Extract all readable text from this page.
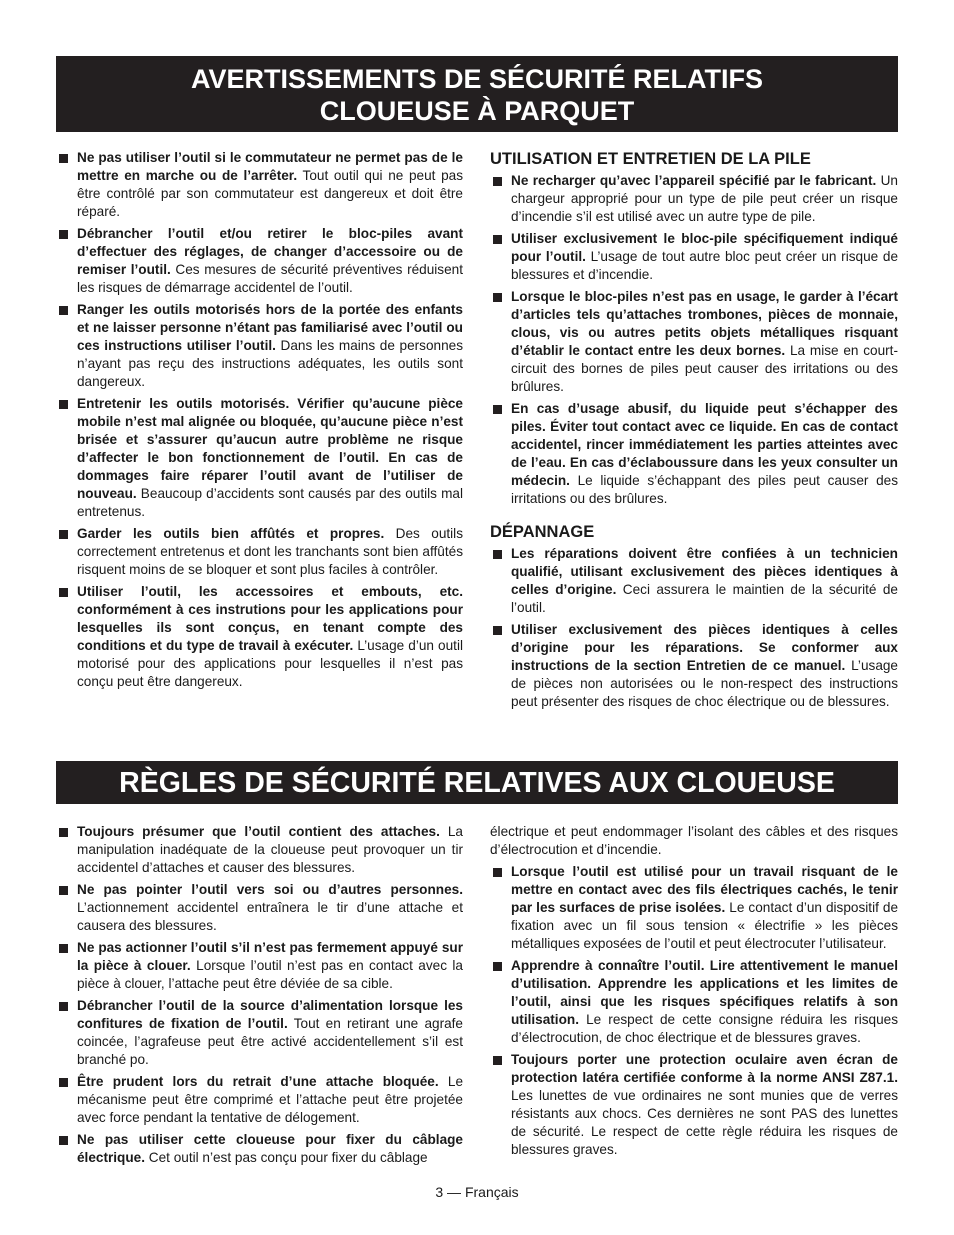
AVERTISSEMENTS DE SÉCURITÉ RELATIFS
CLOUEUSE À PARQUET
Ne pas utiliser l’outil si le commutateur ne permet pas de le mettre en marche ou de l’arrêter. Tout outil qui ne peut pas être contrôlé par son commutateur est dangereux et doit être réparé.
Débrancher l’outil et/ou retirer le bloc-piles avant d’effectuer des réglages, de changer d’accessoire ou de remiser l’outil. Ces mesures de sécurité préventives réduisent les risques de démarrage accidentel de l’outil.
Ranger les outils motorisés hors de la portée des enfants et ne laisser personne n’étant pas familiarisé avec l’outil ou ces instructions utiliser l’outil. Dans les mains de personnes n’ayant pas reçu des instructions adéquates, les outils sont dangereux.
Entretenir les outils motorisés. Vérifier qu’aucune pièce mobile n’est mal alignée ou bloquée, qu’aucune pièce n’est brisée et s’assurer qu’aucun autre problème ne risque d’affecter le bon fonctionnement de l’outil. En cas de dommages faire réparer l’outil avant de l’utiliser de nouveau. Beaucoup d’accidents sont causés par des outils mal entretenus.
Garder les outils bien affûtés et propres. Des outils correctement entretenus et dont les tranchants sont bien affûtés risquent moins de se bloquer et sont plus faciles à contrôler.
Utiliser l’outil, les accessoires et embouts, etc. conformément à ces instrutions pour les applications pour lesquelles ils sont conçus, en tenant compte des conditions et du type de travail à exécuter. L’usage d’un outil motorisé pour des applications pour lesquelles il n’est pas conçu peut être dangereux.
UTILISATION ET ENTRETIEN DE LA PILE
Ne recharger qu’avec l’appareil spécifié par le fabricant. Un chargeur approprié pour un type de pile peut créer un risque d’incendie s’il est utilisé avec un autre type de pile.
Utiliser exclusivement le bloc-pile spécifiquement indiqué pour l’outil. L’usage de tout autre bloc peut créer un risque de blessures et d’incendie.
Lorsque le bloc-piles n’est pas en usage, le garder à l’écart d’articles tels qu’attaches trombones, pièces de monnaie, clous, vis ou autres petits objets métalliques risquant d’établir le contact entre les deux bornes. La mise en court-circuit des bornes de piles peut causer des irritations ou des brûlures.
En cas d’usage abusif, du liquide peut s’échapper des piles. Éviter tout contact avec ce liquide. En cas de contact accidentel, rincer immédiatement les parties atteintes avec de l’eau. En cas d’éclaboussure dans les yeux consulter un médecin. Le liquide s’échappant des piles peut causer des irritations ou des brûlures.
DÉPANNAGE
Les réparations doivent être confiées à un technicien qualifié, utilisant exclusivement des pièces identiques à celles d’origine. Ceci assurera le maintien de la sécurité de l’outil.
Utiliser exclusivement des pièces identiques à celles d’origine pour les réparations. Se conformer aux instructions de la section Entretien de ce manuel. L’usage de pièces non autorisées ou le non-respect des instructions peut présenter des risques de choc électrique ou de blessures.
RÈGLES DE SÉCURITÉ RELATIVES AUX CLOUEUSE
Toujours présumer que l’outil contient des attaches. La manipulation inadéquate de la cloueuse peut provoquer un tir accidentel d’attaches et causer des blessures.
Ne pas pointer l’outil vers soi ou d’autres personnes. L’actionnement accidentel entraînera le tir d’une attache et causera des blessures.
Ne pas actionner l’outil s’il n’est pas fermement appuyé sur la pièce à clouer. Lorsque l’outil n’est pas en contact avec la pièce à clouer, l’attache peut être déviée de sa cible.
Débrancher l’outil de la source d’alimentation lorsque les confitures de fixation de l’outil. Tout en retirant une agrafe coincée, l’agrafeuse peut être activé accidentellement s’il est branché po.
Être prudent lors du retrait d’une attache bloquée. Le mécanisme peut être comprimé et l’attache peut être projetée avec force pendant la tentative de délogement.
Ne pas utiliser cette cloueuse pour fixer du câblage électrique. Cet outil n’est pas conçu pour fixer du câblage
électrique et peut endommager l’isolant des câbles et des risques d’électrocution et d’incendie.
Lorsque l’outil est utilisé pour un travail risquant de le mettre en contact avec des fils électriques cachés, le tenir par les surfaces de prise isolées. Le contact d’un dispositif de fixation avec un fil sous tension « électrifie » les pièces métalliques exposées de l’outil et peut électrocuter l’utilisateur.
Apprendre à connaître l’outil. Lire attentivement le manuel d’utilisation. Apprendre les applications et les limites de l’outil, ainsi que les risques spécifiques relatifs à son utilisation. Le respect de cette consigne réduira les risques d’électrocution, de choc électrique et de blessures graves.
Toujours porter une protection oculaire aven écran de protection latéra certifiée conforme à la norme ANSI Z87.1. Les lunettes de vue ordinaires ne sont munies que de verres résistants aux chocs. Ces dernières ne sont PAS des lunettes de sécurité. Le respect de cette règle réduira les risques de blessures graves.
3 — Français
